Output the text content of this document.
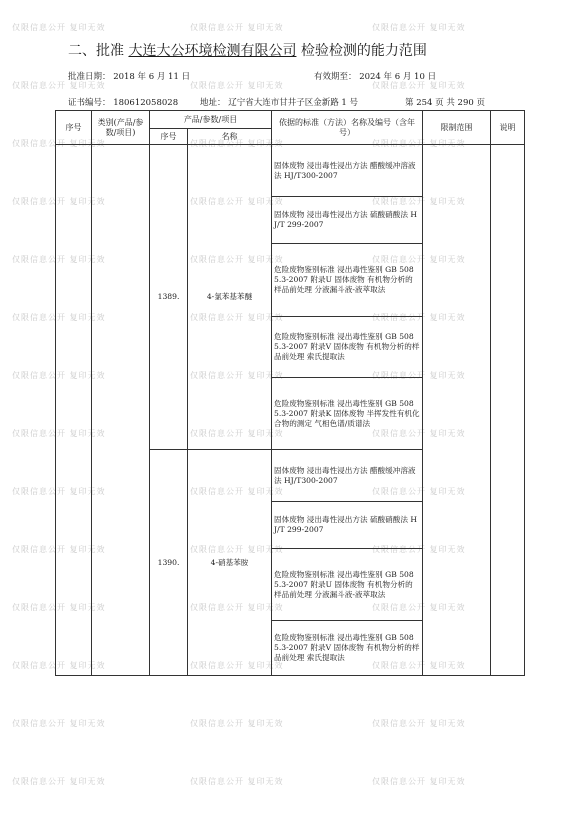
仅限信息公开 复印无效	仅限信息公开 复印无效	仅限信息公开 复印无效
仅限信息公开 复印无效	仅限信息公开 复印无效	仅限信息公开 复印无效
仅限信息公开 复印无效	仅限信息公开 复印无效	仅限信息公开 复印无效
仅限信息公开 复印无效	仅限信息公开 复印无效	仅限信息公开 复印无效
仅限信息公开 复印无效	仅限信息公开 复印无效	仅限信息公开 复印无效
仅限信息公开 复印无效	仅限信息公开 复印无效	仅限信息公开 复印无效
仅限信息公开 复印无效	仅限信息公开 复印无效	仅限信息公开 复印无效
仅限信息公开 复印无效	仅限信息公开 复印无效	仅限信息公开 复印无效
仅限信息公开 复印无效	仅限信息公开 复印无效	仅限信息公开 复印无效
仅限信息公开 复印无效	仅限信息公开 复印无效	仅限信息公开 复印无效
仅限信息公开 复印无效	仅限信息公开 复印无效	仅限信息公开 复印无效
仅限信息公开 复印无效	仅限信息公开 复印无效	仅限信息公开 复印无效
仅限信息公开 复印无效	仅限信息公开 复印无效	仅限信息公开 复印无效
仅限信息公开 复印无效	仅限信息公开 复印无效	仅限信息公开 复印无效
二、批准 大连大公环境检测有限公司 检验检测的能力范围
批准日期： 2018 年 6 月 11 日	有效期至： 2024 年 6 月 10 日
证书编号： 180612058028	地址： 辽宁省大连市甘井子区金新路 1 号	第 254 页 共 290 页
序号	类别(产品/参数/项目)	产品/参数/项目		依据的标准（方法）名称及编号（含年号）	限制范围	说明
		序号	名称			
		1389.	4-氯苯基苯醚	固体废物 浸出毒性浸出方法 醋酸缓冲溶液法 HJ/T300-2007		

				固体废物 浸出毒性浸出方法 硫酸硝酸法 HJ/T 299-2007		

				危险废物鉴别标准 浸出毒性鉴别 GB 5085.3-2007 附录U 固体废物 有机物分析的样品前处理 分液漏斗液-液萃取法		

				危险废物鉴别标准 浸出毒性鉴别 GB 5085.3-2007 附录V 固体废物 有机物分析的样品前处理 索氏提取法		

				危险废物鉴别标准 浸出毒性鉴别 GB 5085.3-2007 附录K 固体废物 半挥发性有机化合物的测定 气相色谱/质谱法		

		1390.	4-硝基苯胺	固体废物 浸出毒性浸出方法 醋酸缓冲溶液法 HJ/T300-2007		

				固体废物 浸出毒性浸出方法 硫酸硝酸法 HJ/T 299-2007		

				危险废物鉴别标准 浸出毒性鉴别 GB 5085.3-2007 附录U 固体废物 有机物分析的样品前处理 分液漏斗液-液萃取法		

				危险废物鉴别标准 浸出毒性鉴别 GB 5085.3-2007 附录V 固体废物 有机物分析的样品前处理 索氏提取法		
